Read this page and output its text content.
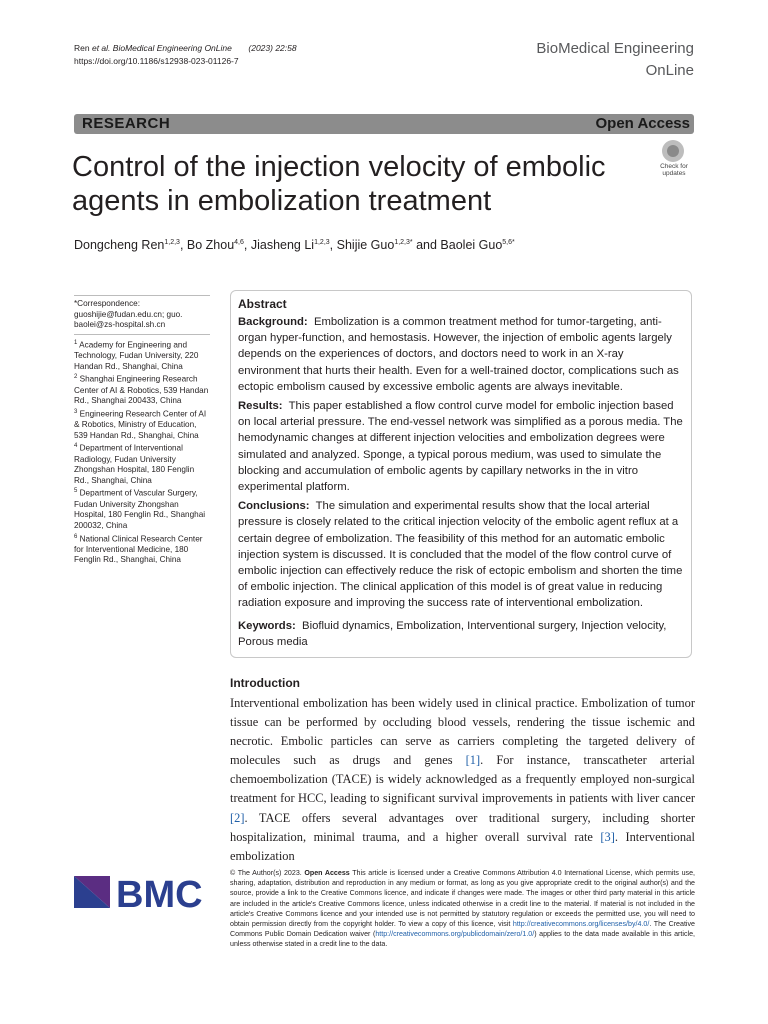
Ren et al. BioMedical Engineering OnLine (2023) 22:58
https://doi.org/10.1186/s12938-023-01126-7
BioMedical Engineering
OnLine
RESEARCH	Open Access
Control of the injection velocity of embolic agents in embolization treatment
Check for
updates
Dongcheng Ren$^{1,2,3}$, Bo Zhou$^{4,6}$, Jiasheng Li$^{1,2,3}$, Shijie Guo$^{1,2,3*}$ and Baolei Guo$^{5,6*}$
*Correspondence:
guoshijie@fudan.edu.cn; guo.
baolei@zs-hospital.sh.cn
$^1$ Academy for Engineering and Technology, Fudan University, 220 Handan Rd., Shanghai, China
$^2$ Shanghai Engineering Research Center of AI & Robotics, 539 Handan Rd., Shanghai 200433, China
$^3$ Engineering Research Center of AI & Robotics, Ministry of Education, 539 Handan Rd., Shanghai, China
$^4$ Department of Interventional Radiology, Fudan University Zhongshan Hospital, 180 Fenglin Rd., Shanghai, China
$^5$ Department of Vascular Surgery, Fudan University Zhongshan Hospital, 180 Fenglin Rd., Shanghai 200032, China
$^6$ National Clinical Research Center for Interventional Medicine, 180 Fenglin Rd., Shanghai, China
Abstract

Background: Embolization is a common treatment method for tumor-targeting, anti-organ hyper-function, and hemostasis. However, the injection of embolic agents largely depends on the experiences of doctors, and doctors need to work in an X-ray environment that hurts their health. Even for a well-trained doctor, complications such as ectopic embolism caused by excessive embolic agents are always inevitable.

Results: This paper established a flow control curve model for embolic injection based on local arterial pressure. The end-vessel network was simplified as a porous media. The hemodynamic changes at different injection velocities and embolization degrees were simulated and analyzed. Sponge, a typical porous medium, was used to simulate the blocking and accumulation of embolic agents by capillary networks in the in vitro experimental platform.

Conclusions: The simulation and experimental results show that the local arterial pressure is closely related to the critical injection velocity of the embolic agent reflux at a certain degree of embolization. The feasibility of this method for an automatic embolic injection system is discussed. It is concluded that the model of the flow control curve of embolic injection can effectively reduce the risk of ectopic embolism and shorten the time of embolic injection. The clinical application of this model is of great value in reducing radiation exposure and improving the success rate of interventional embolization.

Keywords: Biofluid dynamics, Embolization, Interventional surgery, Injection velocity, Porous media

Introduction
Interventional embolization has been widely used in clinical practice. Embolization of tumor tissue can be performed by occluding blood vessels, rendering the tissue ischemic and necrotic. Embolic particles can serve as carriers completing the targeted delivery of molecules such as drugs and genes [1]. For instance, transcatheter arterial chemoembolization (TACE) is widely acknowledged as a frequently employed non-surgical treatment for HCC, leading to significant survival improvements in patients with liver cancer [2]. TACE offers several advantages over traditional surgery, including shorter hospitalization, minimal trauma, and a higher overall survival rate [3]. Interventional embolization
BMC
© The Author(s) 2023. Open Access This article is licensed under a Creative Commons Attribution 4.0 International License, which permits use, sharing, adaptation, distribution and reproduction in any medium or format, as long as you give appropriate credit to the original author(s) and the source, provide a link to the Creative Commons licence, and indicate if changes were made. The images or other third party material in this article are included in the article's Creative Commons licence, unless indicated otherwise in a credit line to the material. If material is not included in the article's Creative Commons licence and your intended use is not permitted by statutory regulation or exceeds the permitted use, you will need to obtain permission directly from the copyright holder. To view a copy of this licence, visit http://creativecommons.org/licenses/by/4.0/. The Creative Commons Public Domain Dedication waiver (http://creativecommons.org/publicdomain/zero/1.0/) applies to the data made available in this article, unless otherwise stated in a credit line to the data.
